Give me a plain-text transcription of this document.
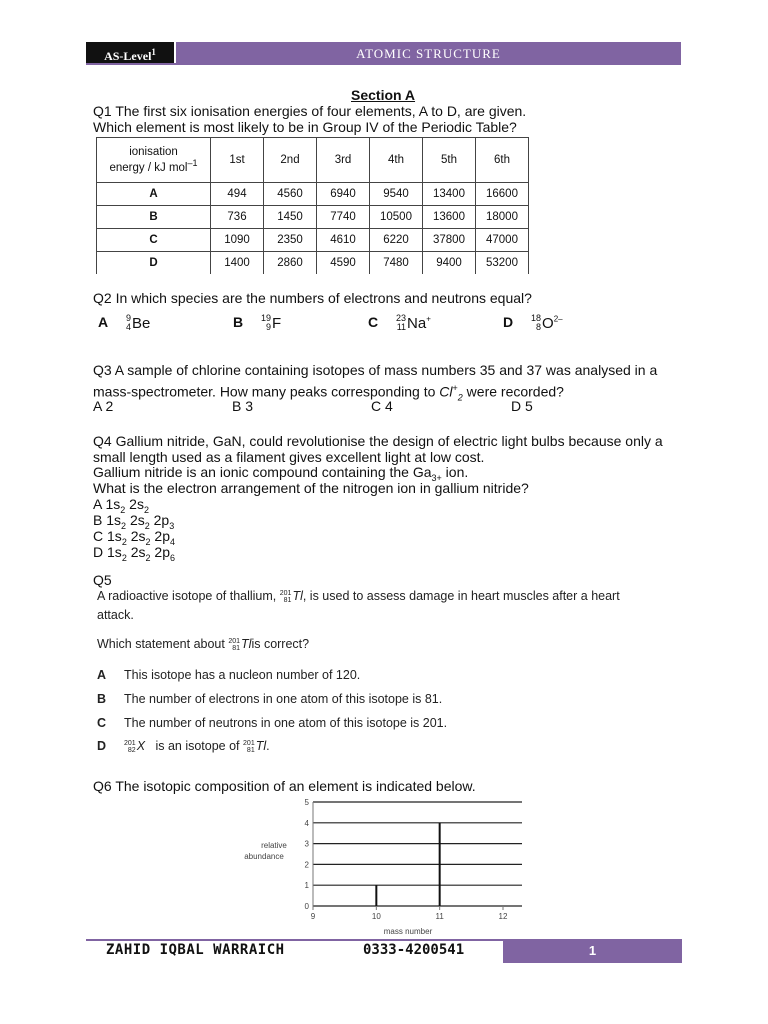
AS-Level$^1$	ATOMIC STRUCTURE
Section A
Q1 The first six ionisation energies of four elements, A to D, are given.
Which element is most likely to be in Group IV of the Periodic Table?
ionisation
energy / kJ mol$^{-1}$	1st	2nd	3rd	4th	5th	6th
A	494	4560	6940	9540	13400	16600
B	736	1450	7740	10500	13600	18000
C	1090	2350	4610	6220	37800	47000
D	1400	2860	4590	7480	9400	53200
Q2 In which species are the numbers of electrons and neutrons equal?
A 9
4Be	B 19
9F	C 23
11Na+	D 18
$8O^{2-}$
Q3 A sample of chlorine containing isotopes of mass numbers 35 and 37 was analysed in a
mass-spectrometer. How many peaks corresponding to $Cl^+_2$ were recorded?
A 2	B 3	C 4	D 5
Q4 Gallium nitride, GaN, could revolutionise the design of electric light bulbs because only a
small length used as a filament gives excellent light at low cost.
Gallium nitride is an ionic compound containing the $Ga_{3+}$ ion.
What is the electron arrangement of the nitrogen ion in gallium nitride?
A $1s_2$ $2s_2$
B $1s_2$ $2s_2$ $2p_3$
C $1s_2$ $2s_2$ $2p_4$
D $1s_2$ $2s_2$ $2p_6$
Q5
A radioactive isotope of thallium, 201
81Tl, is used to assess damage in heart muscles after a heart
attack.
Which statement about 201
81Tlis correct?
A This isotope has a nucleon number of 120.
B The number of electrons in one atom of this isotope is 81.
C The number of neutrons in one atom of this isotope is 201.
D	201
82X is an isotope of 201
81Tl.
Q6 The isotopic composition of an element is indicated below.
0
1
2
3
4
5
9	10	11	12
relative
abundance
mass number
ZAHID IQBAL WARRAICH	0333-4200541	1
